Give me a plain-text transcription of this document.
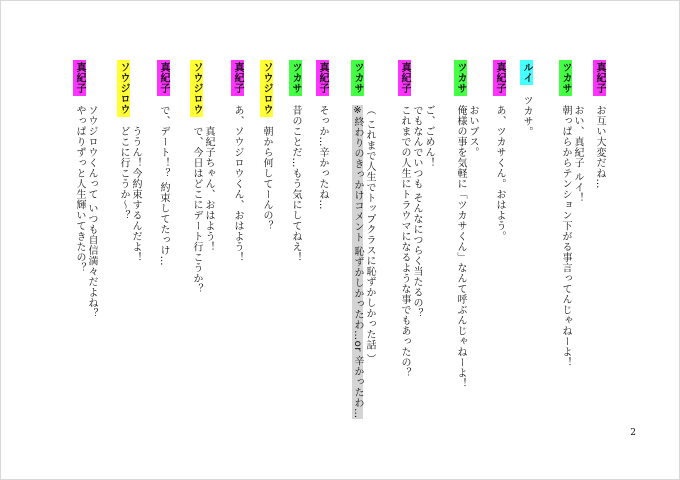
真紀子 お互い大変だね…
ツカサ おい、真紀子 ルイ！
朝っぱらからテンション下がる事言ってんじゃねーよ！
ルイ ツカサ。
真紀子 あ、ツカサくん。おはよう。
ツカサ おいブス。
俺様の事を気軽に「ツカサくん」なんて呼ぶんじゃねーよ！
真紀子 ご、ごめん！
でもなんでいつも そんなにつらく当たるの？
これまでの人生にトラウマになるような事でもあったの？
ツカサ （ これまで人生でトップクラスに恥ずかしかった話 ）
※終わりのきっかけコメント 恥ずかしかったわ…or 辛かったわ…
真紀子 そっか…辛かったね…
ツカサ 昔のことだ…もう気にしてねえ！
ソウジロウ 朝から何してーんの？
真紀子 あ、ソウジロウくん、おはよう！
ソウジロウ 真紀子ちゃん、おはよう！
で、今日はどこにデート行こうか？
真紀子 で、デート！？ 約束してたっけ…
ソウジロウ ううん！今約束するんだよ！
どこに行こうか～？
真紀子 ソウジロウくんって いつも自信満々だよね？
やっぱりずっと人生輝いてきたの？
2
